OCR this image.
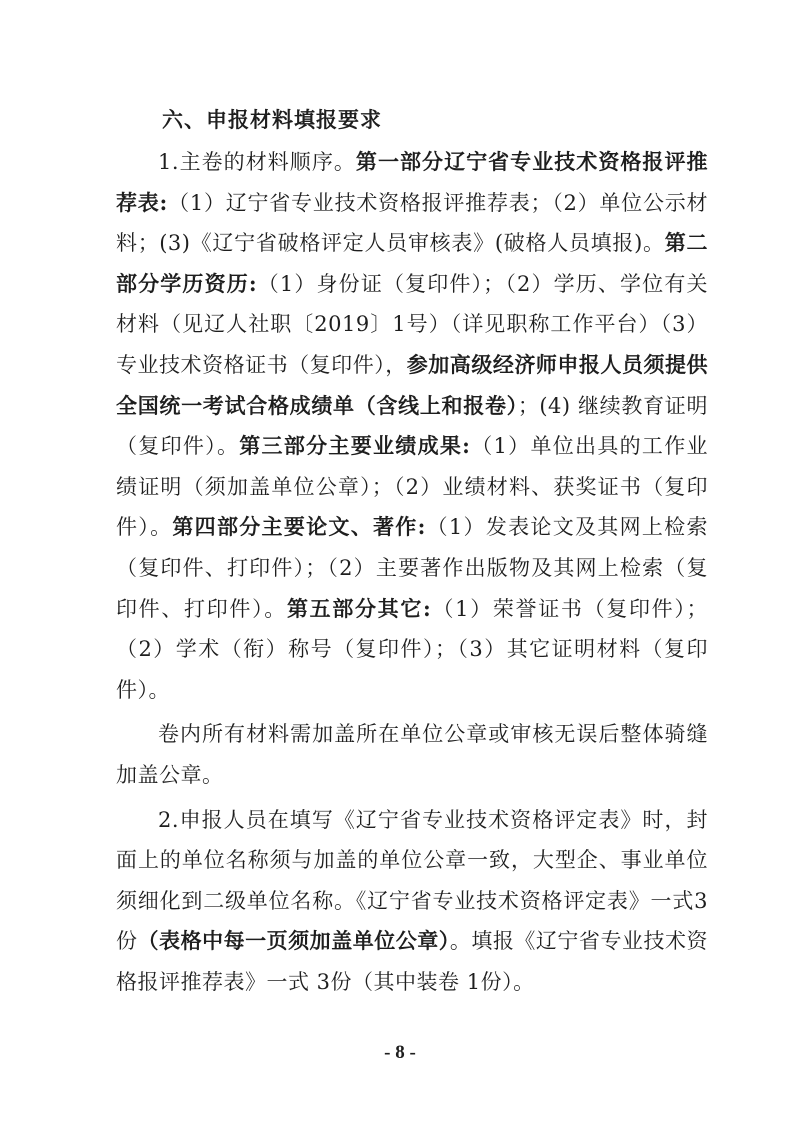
六、申报材料填报要求

1.主卷的材料顺序。第一部分辽宁省专业技术资格报评推荐表:（1）辽宁省专业技术资格报评推荐表；（2）单位公示材料；(3)《辽宁省破格评定人员审核表》(破格人员填报)。第二部分学历资历:（1）身份证（复印件）；（2）学历、学位有关材料（见辽人社职〔2019〕1号）（详见职称工作平台）（3）专业技术资格证书（复印件），参加高级经济师申报人员须提供全国统一考试合格成绩单（含线上和报卷）；(4) 继续教育证明（复印件）。第三部分主要业绩成果:（1）单位出具的工作业绩证明（须加盖单位公章）；（2）业绩材料、获奖证书（复印件）。第四部分主要论文、著作:（1）发表论文及其网上检索（复印件、打印件）；（2）主要著作出版物及其网上检索（复印件、打印件）。第五部分其它:（1）荣誉证书（复印件）；（2）学术（衔）称号（复印件）；（3）其它证明材料（复印件）。

卷内所有材料需加盖所在单位公章或审核无误后整体骑缝加盖公章。

2.申报人员在填写《辽宁省专业技术资格评定表》时，封面上的单位名称须与加盖的单位公章一致，大型企、事业单位须细化到二级单位名称。《辽宁省专业技术资格评定表》一式3份（表格中每一页须加盖单位公章）。填报《辽宁省专业技术资格报评推荐表》一式 3份（其中装卷 1份）。

- 8 -
